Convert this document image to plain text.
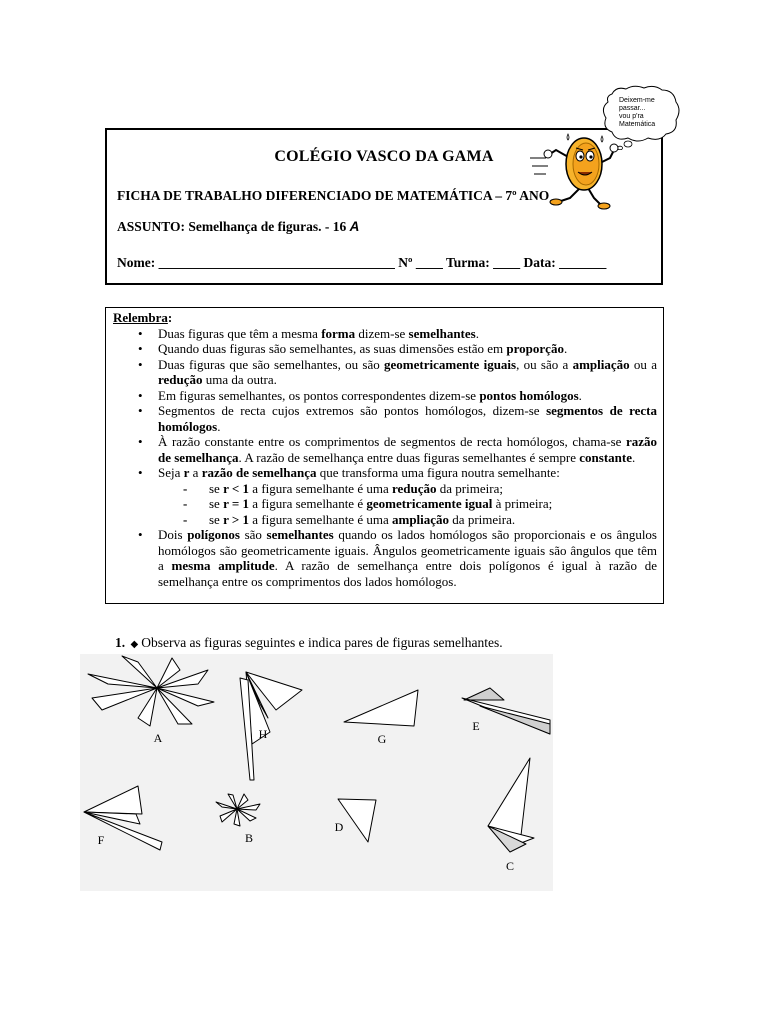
COLÉGIO VASCO DA GAMA
FICHA DE TRABALHO DIFERENCIADO DE MATEMÁTICA – 7º ANO
ASSUNTO: Semelhança de figuras. - 16 A
Nome: ___________________________________ Nº ____ Turma: ____ Data: _______
Deixem-me
passar...
vou p'ra
Matemática
Relembra:
• Duas figuras que têm a mesma forma dizem-se semelhantes.
• Quando duas figuras são semelhantes, as suas dimensões estão em proporção.
• Duas figuras que são semelhantes, ou são geometricamente iguais, ou são a ampliação ou a redução uma da outra.
• Em figuras semelhantes, os pontos correspondentes dizem-se pontos homólogos.
• Segmentos de recta cujos extremos são pontos homólogos, dizem-se segmentos de recta homólogos.
• À razão constante entre os comprimentos de segmentos de recta homólogos, chama-se razão de semelhança. A razão de semelhança entre duas figuras semelhantes é sempre constante.
• Seja r a razão de semelhança que transforma uma figura noutra semelhante:
- se r < 1 a figura semelhante é uma redução da primeira;
- se r = 1 a figura semelhante é geometricamente igual à primeira;
- se r > 1 a figura semelhante é uma ampliação da primeira.
• Dois polígonos são semelhantes quando os lados homólogos são proporcionais e os ângulos homólogos são geometricamente iguais. Ângulos geometricamente iguais são ângulos que têm a mesma amplitude. A razão de semelhança entre dois polígonos é igual à razão de semelhança entre os comprimentos dos lados homólogos.
1. ◆ Observa as figuras seguintes e indica pares de figuras semelhantes.
A	H	G
E
F	B
D
C
